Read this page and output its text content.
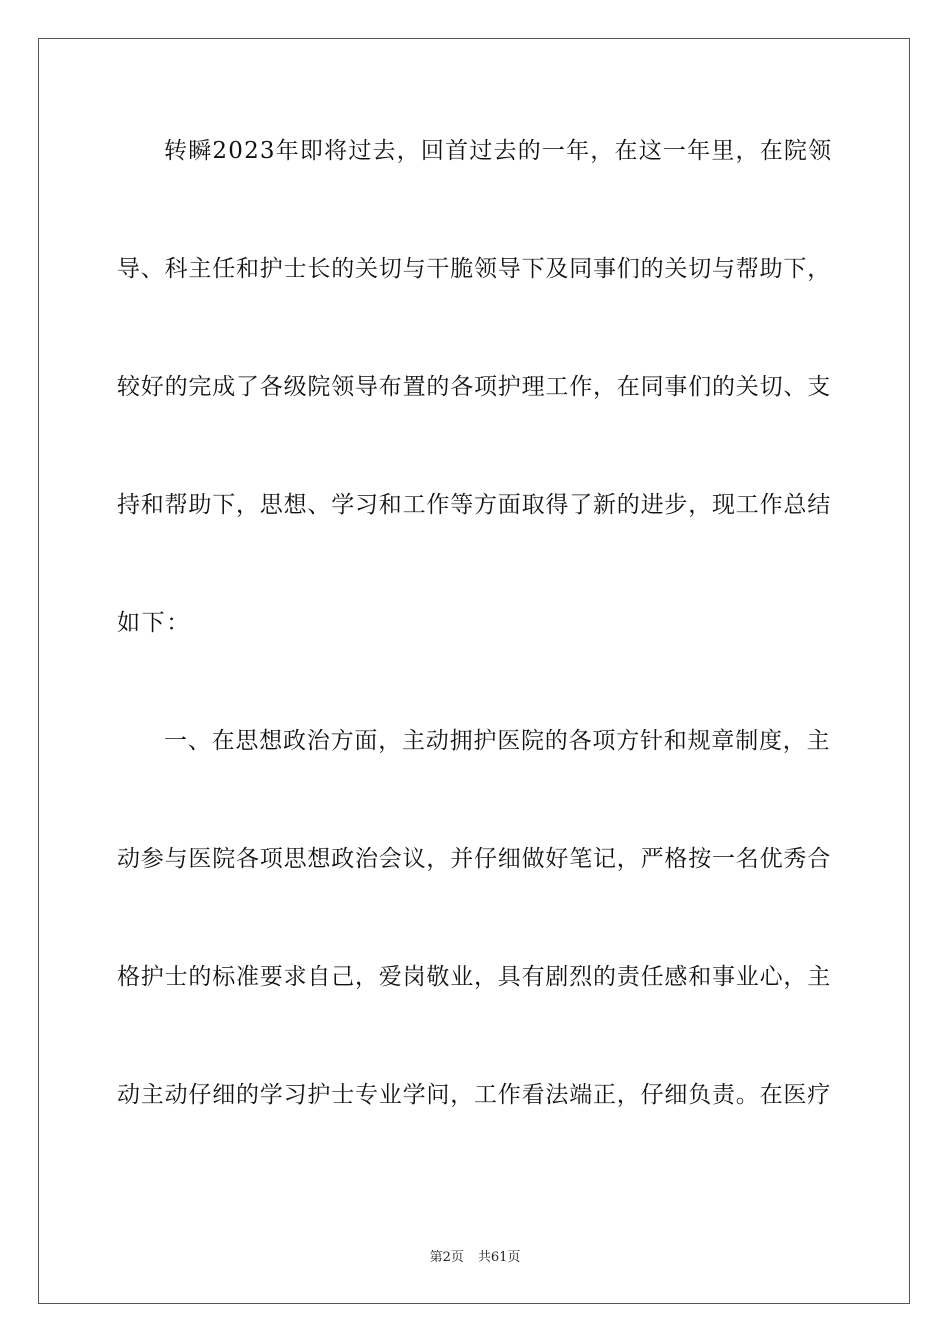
转瞬2023年即将过去，回首过去的一年，在这一年里，在院领
导、科主任和护士长的关切与干脆领导下及同事们的关切与帮助下，
较好的完成了各级院领导布置的各项护理工作，在同事们的关切、支
持和帮助下，思想、学习和工作等方面取得了新的进步，现工作总结
如下：
一、在思想政治方面，主动拥护医院的各项方针和规章制度，主
动参与医院各项思想政治会议，并仔细做好笔记，严格按一名优秀合
格护士的标准要求自己，爱岗敬业，具有剧烈的责任感和事业心，主
动主动仔细的学习护士专业学问，工作看法端正，仔细负责。在医疗
第2页 共61页
